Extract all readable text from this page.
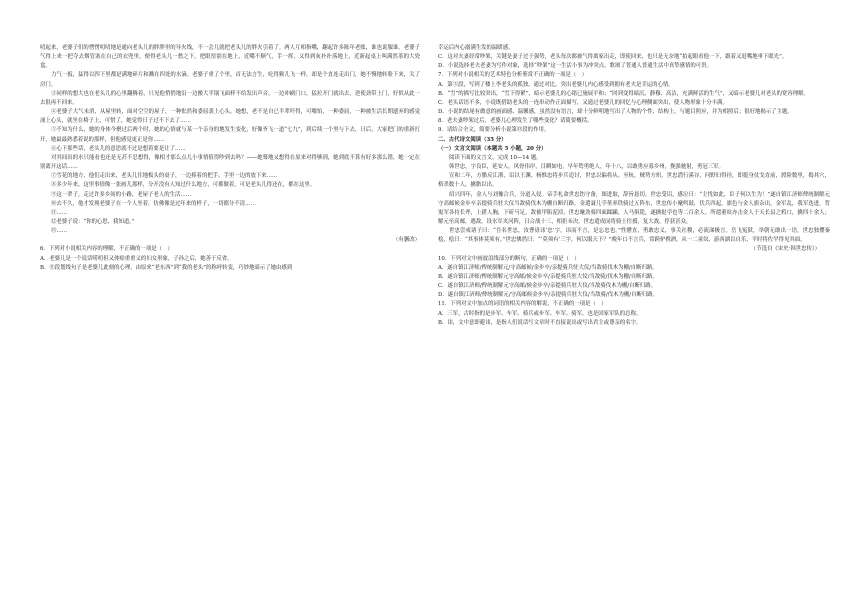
叨起来，老婆子们的愣愣叨叨地是通向老头儿的胖胖里的导火线，不一会儿就把老头儿的胖火引着了。两人互相指嘴，翻起许多陈年老账，谁也说服谁。老婆子气得上来一把夺去烟管塞在自己的衣兜里，便得老头儿一愁之下，把眼窑别在地上，近嘴不顺气，手一挥，又得到灰扑扑落地上，近新起桌上叫满然茶的大瓷盒。

力气一扳，猛得以四下里都是满地碎片和溅在四处的水滴。老婆子重了个里，首无法言生，吃得猴儿飞一样，却是个直连走出门，她不慢地转脸下来，关了房门。

③同样的想大也在老头儿的心里翻腾着，只见他悄悄地沿一边搬大半锅飞面样不给发出声音，一边冲刷门口，猛拉开门就出去，逆使劲带上门，好似从此一去很再不回来。

④老婆子大气未消，从屋里转，面对空空的屋子，一种怅然和委屈袭上心头。她想，老不是自已半辈吓得，可哪怕，一种委屈，一种被生活长期遗弃的感觉涌上心头，就坐在椅子上，可惜了，她觉得日子过不下去了……

⑤不知为什么，她的身体今聚过后两个时，她的心情就与某一个亲身的地发生变化，好像爷飞一道“七九”，到后续一个里与下去，日后，大家把门的重新打开，她最最熟悉着说的那样，但他感觉更正是你……

⑥心下那些话，老头儿的意思就不过是想着要是让了……

对其间出的水只能看也还是无甚不忍想得，像相才那么点儿小事情值得吵到去吗？——她蓦地又想得在原来对得够到，她到底不算有好多那么错，她一定在别离开这话……

⑦雪花的地方，他们走出来，老头儿住地板头的桌子，一边捧着的把手，手里一边的放下来……

⑧多少年来，这里事情像一张画儿那样，分开没有人知过什么地方，可都做着，可是老头儿得还在，都在这里。

⑨这一辈子，走过许多乡间的小路，老屋子老人的生活……

⑩去不久，他才发现老婆子在一个人坐着，仿佛像是过年来的样子，一切都分不清……

⑪……

⑫老婆子说：“你的心思，我知道。”

⑬……

（有删改）

6．下列对小说相关内容的理解，不正确的一项是（　）

A．老婆儿是一个说话唠叨但又体贴重重义的妇女形象，子孙之后，她善于反省。

B．⑪段划线句子是老婆儿此刻的心理，由原来“老东西”到“我的老头”的称呼转变，巧妙地暗示了她由感到

幸运后内心溺满生发的温暖感。

C．这对夫妻经常吵架，关键是妻子过于强势，老头每次都被气得离家出走，即使回来，也只是无奈地“拍起眼看他一下，跟着又退嘴地垂下眼光”。

D．小说选择老夫老妻为写作对象，选择“吵架”这一生活小事为冲突点，歌颂了普通人普通生活中真挚感情的可贵。

7．下列对小说相关的艺术特色分析鉴赏不正确的一项是（　）

A．第③段，写到了楼上李老头的孤独，通过对比，突出老婆儿内心感受到拥有老夫是幸运的心情。

B．“雪”的描写比较突出，“雪下得紧”，暗示老婆儿的心绪已施展平和；“回到变得暗沉、静穆、高洁，充满鲜活的生气”，又暗示老婆儿对老头的宽容理解。

C．老头话语不多，小说既借助老头的一连串动作正面描写，又通过老婆儿的回忆与心理侧面突出，使人物形象十分丰满。

D．小说的结尾有做意的画面感、温馨感，虽然没有语言，却十分鲜明地写出了人物的个性；结构上，与题目照应，并为相照后；很好地揭示了主题。

8．老夫妻吵架过后，老婆儿心理发生了哪些变化？请简要概括。

9．请结合全文，简要分析小说第⑬段的作用。

二、古代诗文阅读（35 分）

（一）文言文阅读（本题共 5 小题，20 分）

阅读下面的文言文，完成 10—14 题。

韩世忠，字良臣，延安人。风骨伟岸，目瞬如电。早年鸷勇绝人，年十八，以敢勇应募乡州，挽强驰射，勇冠三军。

宣和二年，方腊反江浙，诏以王渊、杨惟忠将步兵追讨，世忠以偏将从。至杭，贼势方炽，世忠潜行溪谷，问野妇得径，即挺身仗戈直前，渡险数里，捣其穴，格杀数十人，擒腊以出。

绍兴四年，金人与刘豫合兵，分道入侵。帝手札命世忠饬守备，图进取，辞旨恳切。世忠受诏，感泣曰：“主忧如此，臣子何以生为！”遂自镇江济师俾统制解元守高邮候金步卒亲提骑兵驻大仪当敌骑伐木为栅自断归路。金遣聂儿孛堇率铁骑过五阵东，世忠传小麾鸣鼓，伏兵四起，旗色与金人旗杂出，金军乱，我军迭进。背嵬军各持长斧，上揕人胸，下斫马足。敌被甲陷泥淖，世忠麾劲骑四面蹂躏，人马俱毙，遂擒挞孛也等二百余人。所遣董旼亦击金人于天长县之鸦口，擒四十余人；解元至高邮，遇敌，设水军夹河阵，日合战十三，相拒未决。世忠遣成闵将骑士往援，复大战，俘获甚众。

世忠尝戒诸子曰：“吾名世忠，汝曹毋讳‘忠’字，讳而不言，是忘忠也。”性戆直，勇敢忠义，事关社稷，必流涕极言。岳飞冤狱，举朝无敢出一语，世忠独撄秦桧，桧曰：“其事体莫须有。”世忠怫然曰：“‘莫须有’三字，何以服天下？”晚年口不言兵，常跨驴携酒，从一二童奴，游西湖以自乐，平时将佐罕得见其面。

（节选自《宋史·韩世忠传》）

10．下列对文中画波浪线部分的断句，正确的一项是（　）

A．遂自镇江济师/俾统制解元/守高邮候/金步卒/亲提骑兵驻大仪/当敌骑伐木为栅/自断归路。

B．遂自镇江济师/俾统制解元守高邮/候金步卒/亲提骑兵驻大仪/当敌骑/伐木为栅/自断归路。

C．遂自镇江济师/俾统制解元守高邮/候金步卒/亲提骑兵驻大仪/当敌骑伐木为栅/自断归路。

D．遂自镇江济师/俾统制解元/守高邮候金步卒/亲提骑兵驻大仪/当敌骑/伐木为栅/自断归路。

11．下列对文中加点的词语的相关内容的解说，不正确的一项是（　）

A．三军，古时指的是步军、车军、骑兵或步军、车军、骑军，也是国家军队的总称。

B．讳，文中意即避讳，是指人们说话写文章时不直接说出或写出君主或尊亲的名字。
